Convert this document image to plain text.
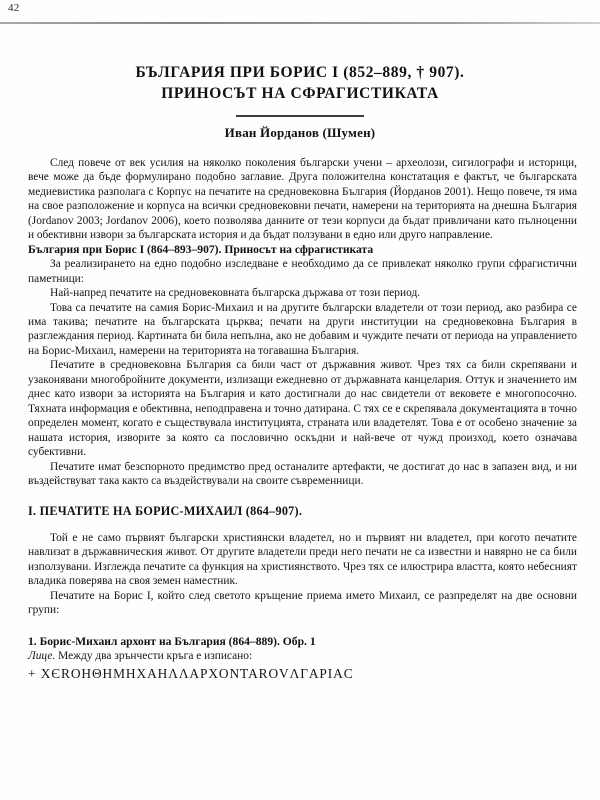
42
БЪЛГАРИЯ ПРИ БОРИС I (852–889, † 907).
ПРИНОСЪТ НА СФРАГИСТИКАТА
Иван Йорданов (Шумен)

След повече от век усилия на няколко поколения български учени – археолози, сигилографи и историци, вече може да бъде формулирано подобно заглавие. Друга положителна констатация е фактът, че българската медиевистика разполага с Корпус на печатите на средновековна България (Йорданов 2001). Нещо повече, тя има на свое разположение и корпуса на всички средновековни печати, намерени на територията на днешна България (Jordanov 2003; Jordanov 2006), което позволява данните от тези корпуси да бъдат привличани като пълноценни и обективни извори за българската история и да бъдат ползувани в едно или друго направление.

България при Борис I (864–893–907). Приносът на сфрагистиката

За реализирането на едно подобно изследване е необходимо да се привлекат няколко групи сфрагистични паметници:

Най-напред печатите на средновековната българска държава от този период.

Това са печатите на самия Борис-Михаил и на другите български владетели от този период, ако разбира се има такива; печатите на българската църква; печати на други институции на средновековна България в разглеждания период. Картината би била непълна, ако не добавим и чуждите печати от периода на управлението на Борис-Михаил, намерени на територията на тогавашна България.

Печатите в средновековна България са били част от държавния живот. Чрез тях са били скрепявани и узаконявани многобройните документи, излизащи ежедневно от държавната канцелария. Оттук и значението им днес като извори за историята на България и като достигнали до нас свидетели от вековете е многопосочно. Тяхната информация е обективна, неподправена и точно датирана. С тях се е скрепявала документацията в точно определен момент, когато е съществувала институцията, страната или владетелят. Това е от особено значение за нашата история, изворите за която са пословично оскъдни и най-вече от чужд произход, което означава субективни.

Печатите имат безспорното предимство пред останалите артефакти, че достигат до нас в запазен вид, и ни въздействуват така както са въздействували на своите съвременници.

I. ПЕЧАТИТЕ НА БОРИС-МИХАИЛ (864–907).

Той е не само първият български християнски владетел, но и първият ни владетел, при когото печатите навлизат в държавническия живот. От другите владетели преди него печати не са известни и навярно не са били използувани. Изглежда печатите са функция на християнството. Чрез тях се илюстрира властта, която небесният владика поверява на своя земен наместник.

Печатите на Борис I, който след светото кръщение приема името Михаил, се разпределят на две основни групи:

1. Борис-Михаил архонт на България (864–889). Обр. 1
Лице. Между два зрънчести кръга е изписано:
+ ΧЄROHΘHMHXAHΛΛAPXONTAROVΛΓAPIAC
